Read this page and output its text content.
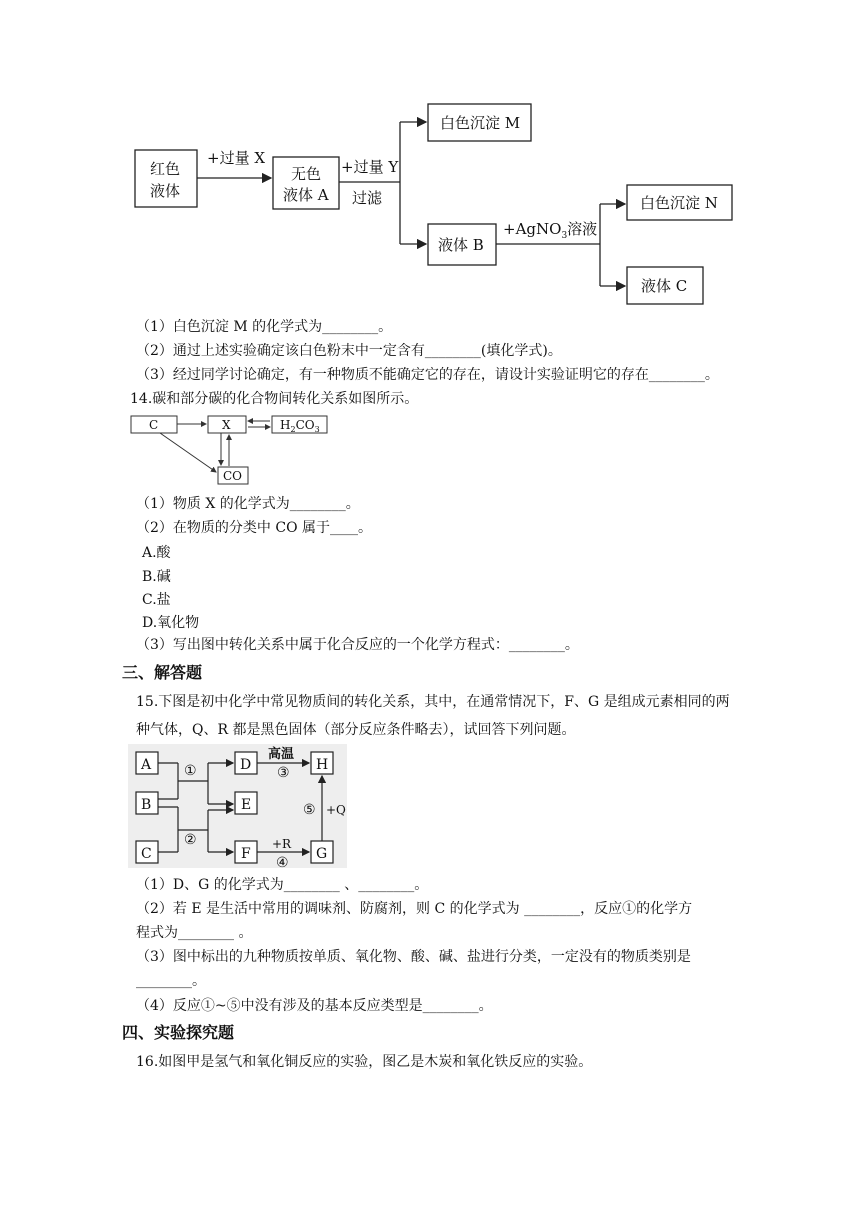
红色
液体
+过量 X
无色
液体 A
+过量 Y
过滤
白色沉淀 M
液体 B
+AgNO$_3$溶液
白色沉淀 N
液体 C
（1）白色沉淀 M 的化学式为________。
（2）通过上述实验确定该白色粉末中一定含有________(填化学式)。
（3）经过同学讨论确定，有一种物质不能确定它的存在，请设计实验证明它的存在________。
14.碳和部分碳的化合物间转化关系如图所示。
C	X	$H_2CO_3$
CO
（1）物质 X 的化学式为________。
（2）在物质的分类中 CO 属于____。
A.酸
B.碱
C.盐
D.氧化物
（3）写出图中转化关系中属于化合反应的一个化学方程式：________。
三、解答题
15.下图是初中化学中常见物质间的转化关系，其中，在通常情况下，F、G 是组成元素相同的两种气体，Q、R 都是黑色固体（部分反应条件略去），试回答下列问题。
A
B
C
D
E
F
H
G
①
②
③
④
⑤
高温
+R
+Q
（1）D、G 的化学式为________ 、________。
（2）若 E 是生活中常用的调味剂、防腐剂，则 C 的化学式为 ________，反应①的化学方
程式为________ 。
（3）图中标出的九种物质按单质、氧化物、酸、碱、盐进行分类，一定没有的物质类别是
________。
（4）反应①~⑤中没有涉及的基本反应类型是________。
四、实验探究题
16.如图甲是氢气和氧化铜反应的实验，图乙是木炭和氧化铁反应的实验。
